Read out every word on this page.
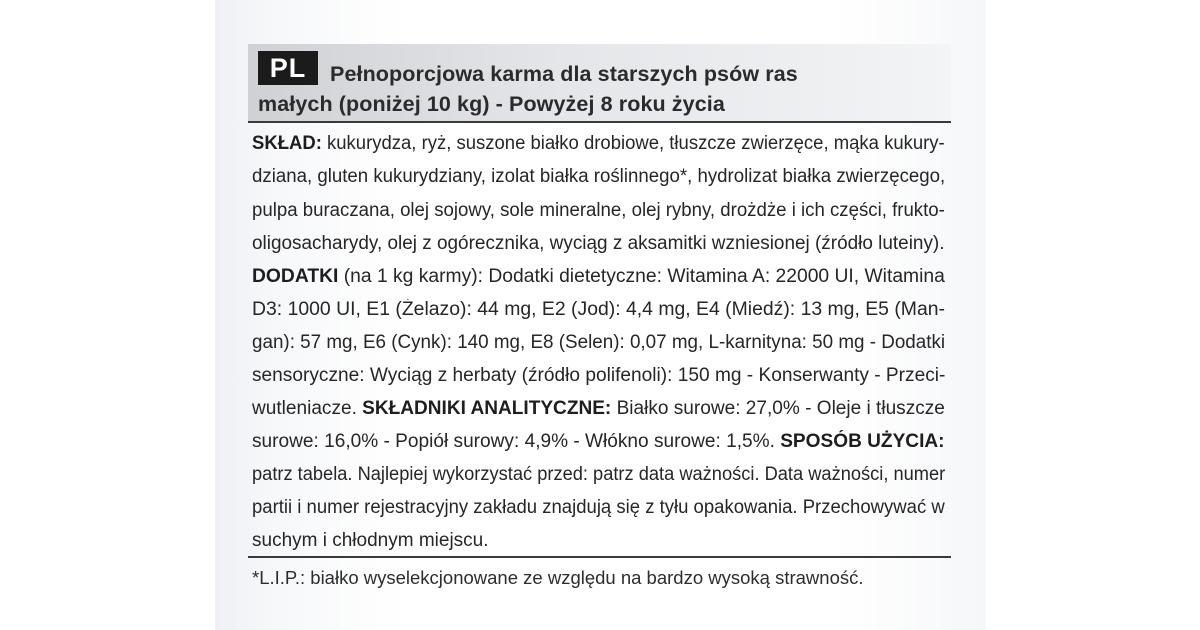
PL	Pełnoporcjowa karma dla starszych psów ras
małych (poniżej 10 kg) - Powyżej 8 roku życia
SKŁAD: kukurydza, ryż, suszone białko drobiowe, tłuszcze zwierzęce, mąka kukury-
dziana, gluten kukurydziany, izolat białka roślinnego*, hydrolizat białka zwierzęcego,
pulpa buraczana, olej sojowy, sole mineralne, olej rybny, drożdże i ich części, frukto-
oligosacharydy, olej z ogórecznika, wyciąg z aksamitki wzniesionej (źródło luteiny).
DODATKI (na 1 kg karmy): Dodatki dietetyczne: Witamina A: 22000 UI, Witamina
D3: 1000 UI, E1 (Żelazo): 44 mg, E2 (Jod): 4,4 mg, E4 (Miedź): 13 mg, E5 (Man-
gan): 57 mg, E6 (Cynk): 140 mg, E8 (Selen): 0,07 mg, L-karnityna: 50 mg - Dodatki
sensoryczne: Wyciąg z herbaty (źródło polifenoli): 150 mg - Konserwanty - Przeci-
wutleniacze. SKŁADNIKI ANALITYCZNE: Białko surowe: 27,0% - Oleje i tłuszcze
surowe: 16,0% - Popiół surowy: 4,9% - Włókno surowe: 1,5%. SPOSÓB UŻYCIA:
patrz tabela. Najlepiej wykorzystać przed: patrz data ważności. Data ważności, numer
partii i numer rejestracyjny zakładu znajdują się z tyłu opakowania. Przechowywać w
suchym i chłodnym miejscu.
*L.I.P.: białko wyselekcjonowane ze względu na bardzo wysoką strawność.
